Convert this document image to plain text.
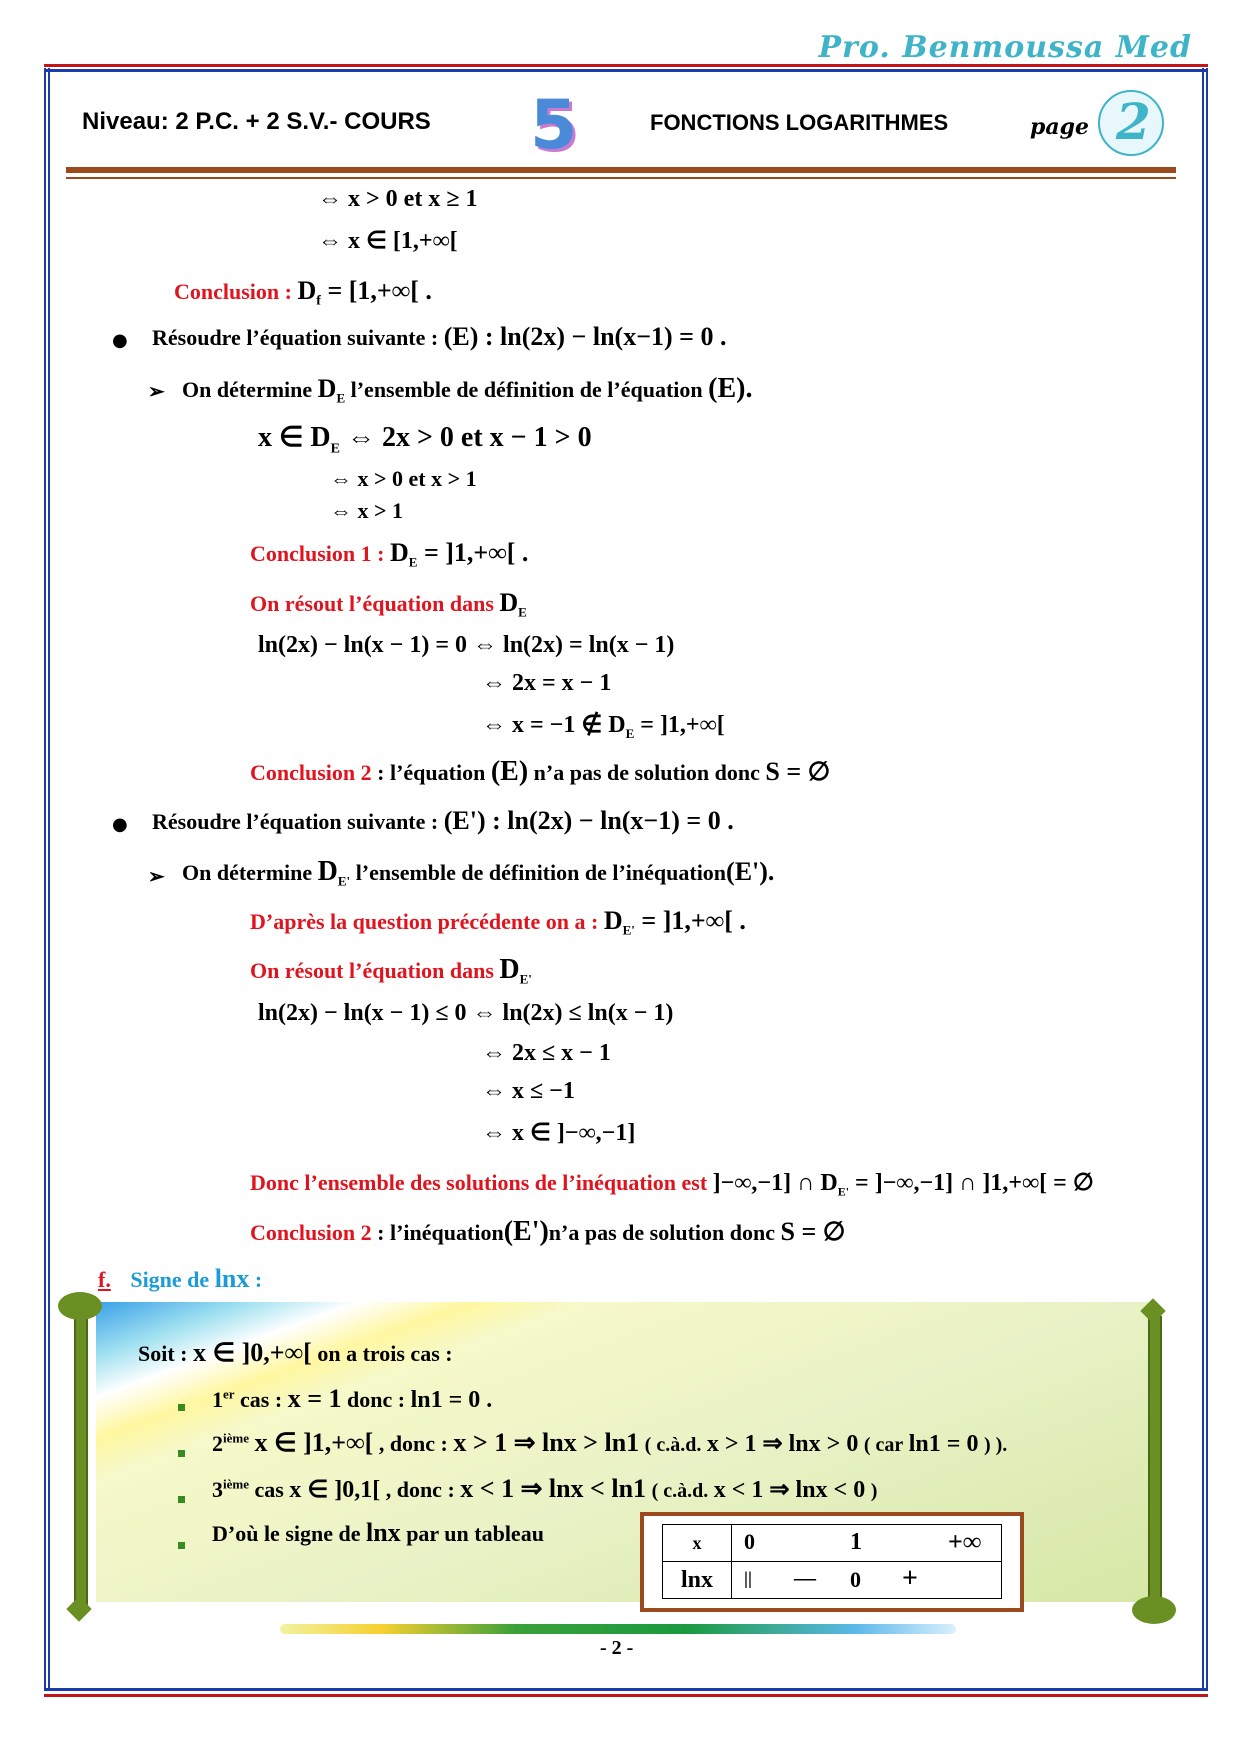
Pro. Benmoussa Med
Niveau: 2 P.C. + 2 S.V.- COURS 5	FONCTIONS LOGARITHMES	page 2
⇔ x > 0 et x ≥ 1
⇔ x ∈ [1,+∞[
Conclusion : $D_f = [1,+\infty$[ .
● Résoudre l’équation suivante : (E) : ln(2x) − ln(x−1) = 0 .
➢ On détermine $D_E$ l’ensemble de définition de l’équation (E).
x ∈ $D_E$ ⇔ 2x > 0 et x − 1 > 0
⇔ x > 0 et x > 1
⇔ x > 1
Conclusion 1 : $D_E = ]1,+\infty$[ .
On résout l’équation dans $D_E$
ln(2x) − ln(x − 1) = 0 ⇔ ln(2x) = ln(x − 1)
⇔ 2x = x − 1
⇔ x = −1 ∉ $D_E = ]1,+\infty$[
Conclusion 2 : l’équation (E) n’a pas de solution donc S = ∅
● Résoudre l’équation suivante : (E') : ln(2x) − ln(x−1) = 0 .
➢ On détermine $D_{E'}$ l’ensemble de définition de l’inéquation(E').
D’après la question précédente on a : $D_{E'} = ]1,+\infty$[ .
On résout l’équation dans $D_{E'}$
ln(2x) − ln(x − 1) ≤ 0 ⇔ ln(2x) ≤ ln(x − 1)
⇔ 2x ≤ x − 1
⇔ x ≤ −1
⇔ x ∈ ]−∞,−1]
Donc l’ensemble des solutions de l’inéquation est ]−∞,−1] ∩ $D_{E'} = ]-\infty,-1$] ∩ ]1,+∞[ = ∅
Conclusion 2 : l’inéquation(E')n’a pas de solution donc S = ∅
f. Signe de lnx :
Soit : x ∈ ]0,+∞[ on a trois cas :
1er cas : x = 1 donc : ln1 = 0 .
2ième x ∈ ]1,+∞[ , donc : x > 1 ⇒ lnx > ln1 ( c.à.d. x > 1 ⇒ lnx > 0 ( car ln1 = 0 ) ).
3ième cas x ∈ ]0,1[ , donc : x < 1 ⇒ lnx < ln1 ( c.à.d. x < 1 ⇒ lnx < 0 )
D’où le signe de lnx par un tableau	x	0 1 +∞

lnx	|| — 0 +
- 2 -
